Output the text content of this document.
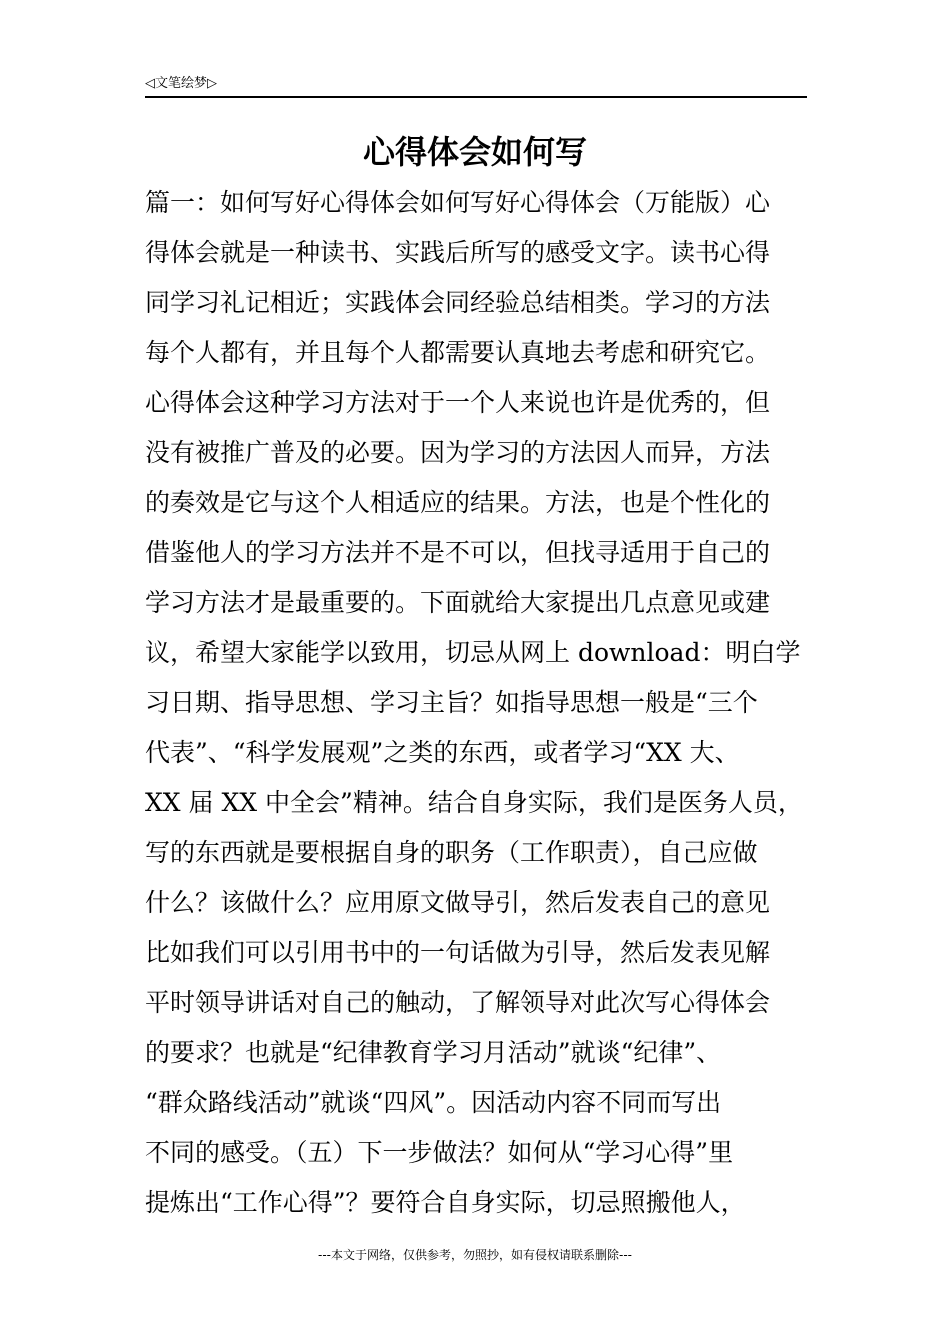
◁文笔绘梦▷
心得体会如何写
篇一：如何写好心得体会如何写好心得体会（万能版）心
得体会就是一种读书、实践后所写的感受文字。读书心得
同学习礼记相近；实践体会同经验总结相类。学习的方法
每个人都有，并且每个人都需要认真地去考虑和研究它。
心得体会这种学习方法对于一个人来说也许是优秀的，但
没有被推广普及的必要。因为学习的方法因人而异，方法
的奏效是它与这个人相适应的结果。方法，也是个性化的
借鉴他人的学习方法并不是不可以，但找寻适用于自己的
学习方法才是最重要的。下面就给大家提出几点意见或建
议，希望大家能学以致用，切忌从网上 download：明白学
习日期、指导思想、学习主旨？如指导思想一般是“三个
代表”、“科学发展观”之类的东西，或者学习“XX 大、
XX 届 XX 中全会”精神。结合自身实际，我们是医务人员，
写的东西就是要根据自身的职务（工作职责），自己应做
什么？该做什么？应用原文做导引，然后发表自己的意见
比如我们可以引用书中的一句话做为引导，然后发表见解
平时领导讲话对自己的触动，了解领导对此次写心得体会
的要求？也就是“纪律教育学习月活动”就谈“纪律”、
“群众路线活动”就谈“四风”。因活动内容不同而写出
不同的感受。（五）下一步做法？如何从“学习心得”里
提炼出“工作心得”？要符合自身实际，切忌照搬他人，
---本文于网络，仅供参考，勿照抄，如有侵权请联系删除---
